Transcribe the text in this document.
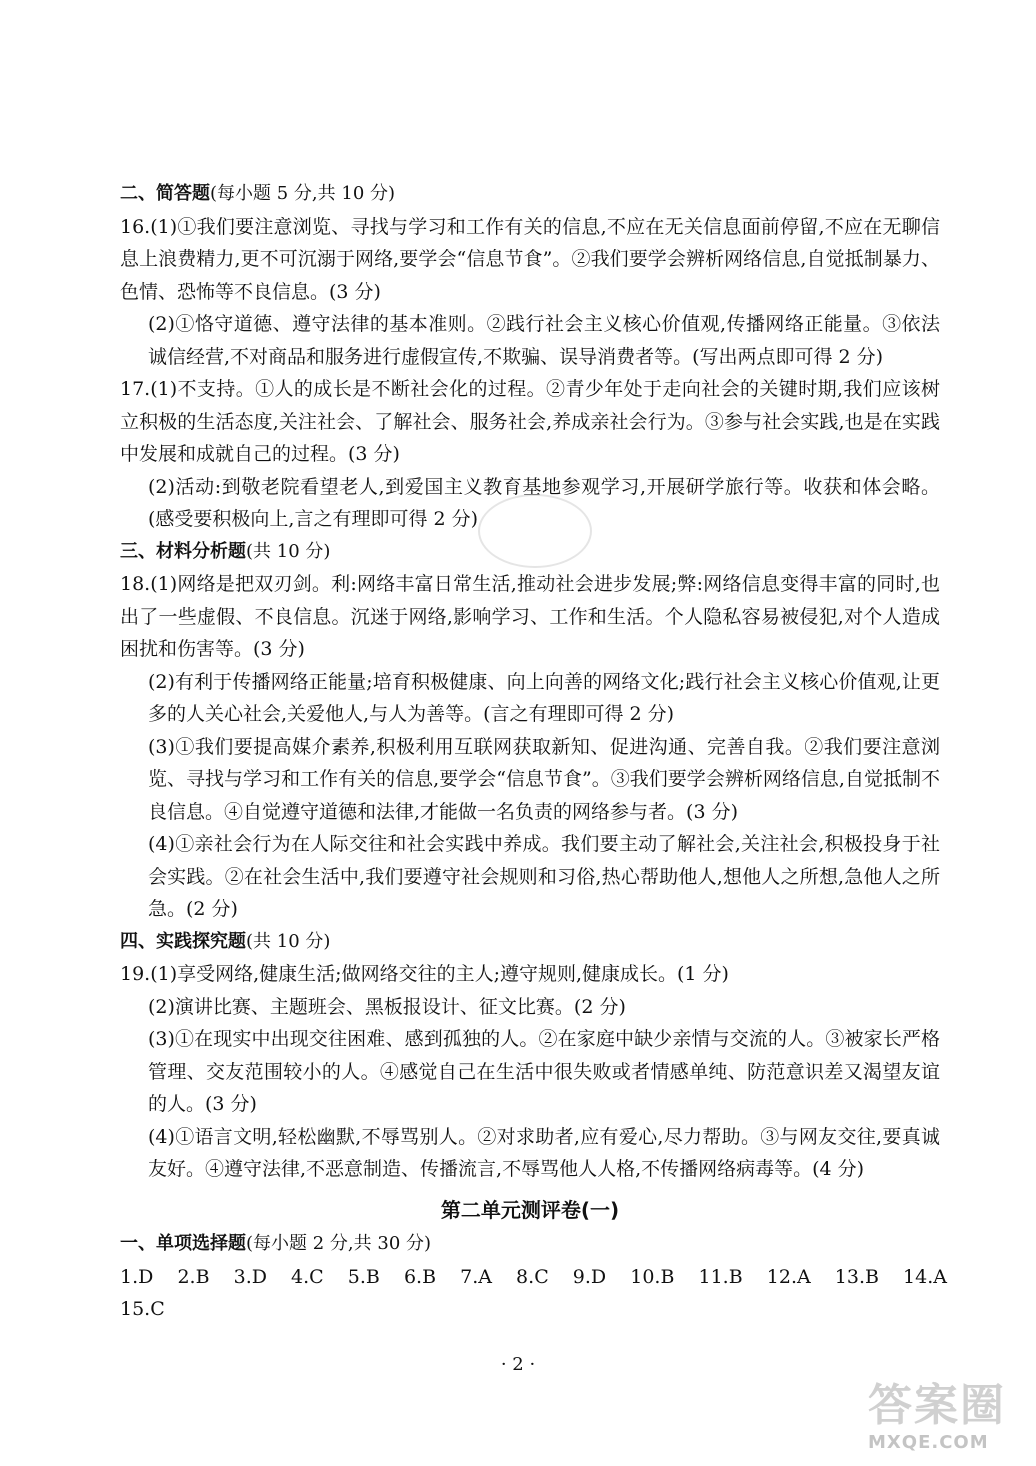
二、简答题(每小题 5 分,共 10 分)

16.(1)①我们要注意浏览、寻找与学习和工作有关的信息,不应在无关信息面前停留,不应在无聊信息上浪费精力,更不可沉溺于网络,要学会“信息节食”。②我们要学会辨析网络信息,自觉抵制暴力、色情、恐怖等不良信息。(3 分)

(2)①恪守道德、遵守法律的基本准则。②践行社会主义核心价值观,传播网络正能量。③依法诚信经营,不对商品和服务进行虚假宣传,不欺骗、误导消费者等。(写出两点即可得 2 分)

17.(1)不支持。①人的成长是不断社会化的过程。②青少年处于走向社会的关键时期,我们应该树立积极的生活态度,关注社会、了解社会、服务社会,养成亲社会行为。③参与社会实践,也是在实践中发展和成就自己的过程。(3 分)

(2)活动:到敬老院看望老人,到爱国主义教育基地参观学习,开展研学旅行等。收获和体会略。(感受要积极向上,言之有理即可得 2 分)

三、材料分析题(共 10 分)

18.(1)网络是把双刃剑。利:网络丰富日常生活,推动社会进步发展;弊:网络信息变得丰富的同时,也出了一些虚假、不良信息。沉迷于网络,影响学习、工作和生活。个人隐私容易被侵犯,对个人造成困扰和伤害等。(3 分)

(2)有利于传播网络正能量;培育积极健康、向上向善的网络文化;践行社会主义核心价值观,让更多的人关心社会,关爱他人,与人为善等。(言之有理即可得 2 分)

(3)①我们要提高媒介素养,积极利用互联网获取新知、促进沟通、完善自我。②我们要注意浏览、寻找与学习和工作有关的信息,要学会“信息节食”。③我们要学会辨析网络信息,自觉抵制不良信息。④自觉遵守道德和法律,才能做一名负责的网络参与者。(3 分)

(4)①亲社会行为在人际交往和社会实践中养成。我们要主动了解社会,关注社会,积极投身于社会实践。②在社会生活中,我们要遵守社会规则和习俗,热心帮助他人,想他人之所想,急他人之所急。(2 分)

四、实践探究题(共 10 分)

19.(1)享受网络,健康生活;做网络交往的主人;遵守规则,健康成长。(1 分)

(2)演讲比赛、主题班会、黑板报设计、征文比赛。(2 分)

(3)①在现实中出现交往困难、感到孤独的人。②在家庭中缺少亲情与交流的人。③被家长严格管理、交友范围较小的人。④感觉自己在生活中很失败或者情感单纯、防范意识差又渴望友谊的人。(3 分)

(4)①语言文明,轻松幽默,不辱骂别人。②对求助者,应有爱心,尽力帮助。③与网友交往,要真诚友好。④遵守法律,不恶意制造、传播流言,不辱骂他人人格,不传播网络病毒等。(4 分)

第二单元测评卷(一)
一、单项选择题(每小题 2 分,共 30 分)

1.D  2.B  3.D  4.C  5.B  6.B  7.A  8.C  9.D  10.B  11.B  12.A  13.B  14.A

15.C

· 2 ·
答案圈
MXQE.COM
